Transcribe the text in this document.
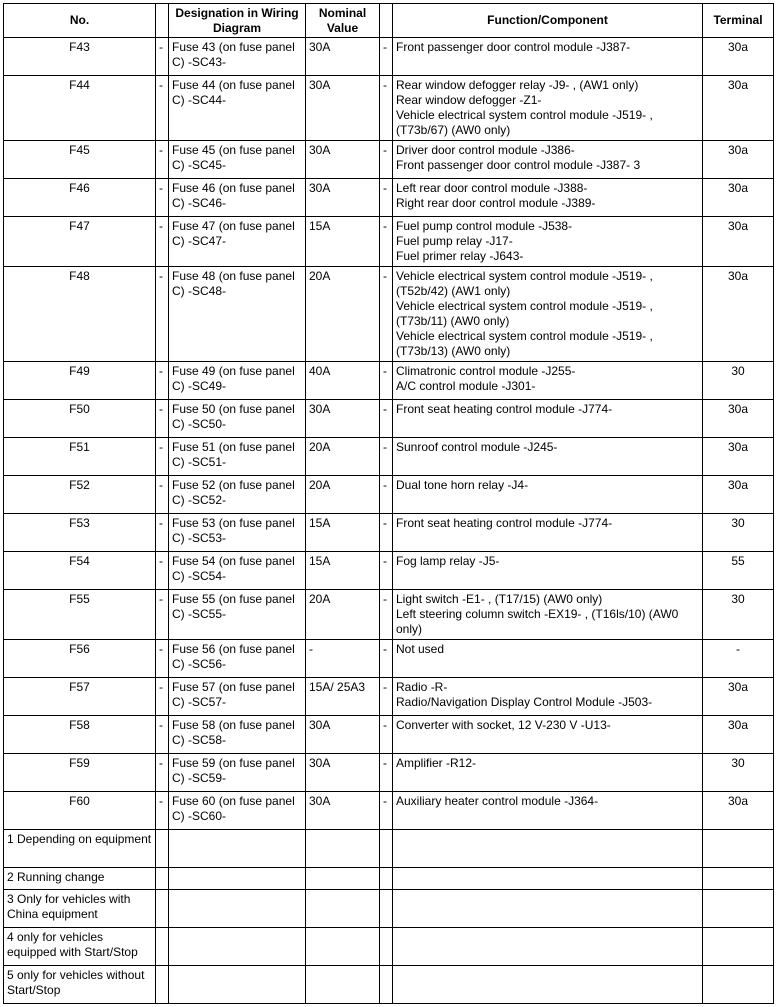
No.		Designation in Wiring Diagram	Nominal Value		Function/Component	Terminal
F43	-	Fuse 43 (on fuse panel C) -SC43-	30A	-	Front passenger door control module -J387-	30a
F44	-	Fuse 44 (on fuse panel C) -SC44-	30A	-	Rear window defogger relay -J9- , (AW1 only)
Rear window defogger -Z1-
Vehicle electrical system control module -J519- , (T73b/67) (AW0 only)	30a
F45	-	Fuse 45 (on fuse panel C) -SC45-	30A	-	Driver door control module -J386-
Front passenger door control module -J387- 3	30a
F46	-	Fuse 46 (on fuse panel C) -SC46-	30A	-	Left rear door control module -J388-
Right rear door control module -J389-	30a
F47	-	Fuse 47 (on fuse panel C) -SC47-	15A	-	Fuel pump control module -J538-
Fuel pump relay -J17-
Fuel primer relay -J643-	30a
F48	-	Fuse 48 (on fuse panel C) -SC48-	20A	-	Vehicle electrical system control module -J519- , (T52b/42) (AW1 only)
Vehicle electrical system control module -J519- , (T73b/11) (AW0 only)
Vehicle electrical system control module -J519- , (T73b/13) (AW0 only)	30a
F49	-	Fuse 49 (on fuse panel C) -SC49-	40A	-	Climatronic control module -J255-
A/C control module -J301-	30
F50	-	Fuse 50 (on fuse panel C) -SC50-	30A	-	Front seat heating control module -J774-	30a
F51	-	Fuse 51 (on fuse panel C) -SC51-	20A	-	Sunroof control module -J245-	30a
F52	-	Fuse 52 (on fuse panel C) -SC52-	20A	-	Dual tone horn relay -J4-	30a
F53	-	Fuse 53 (on fuse panel C) -SC53-	15A	-	Front seat heating control module -J774-	30
F54	-	Fuse 54 (on fuse panel C) -SC54-	15A	-	Fog lamp relay -J5-	55
F55	-	Fuse 55 (on fuse panel C) -SC55-	20A	-	Light switch -E1- , (T17/15) (AW0 only)
Left steering column switch -EX19- , (T16ls/10) (AW0 only)	30
F56	-	Fuse 56 (on fuse panel C) -SC56-	-	-	Not used	-
F57	-	Fuse 57 (on fuse panel C) -SC57-	15A/ 25A3	-	Radio -R-
Radio/Navigation Display Control Module -J503-	30a
F58	-	Fuse 58 (on fuse panel C) -SC58-	30A	-	Converter with socket, 12 V-230 V -U13-	30a
F59	-	Fuse 59 (on fuse panel C) -SC59-	30A	-	Amplifier -R12-	30
F60	-	Fuse 60 (on fuse panel C) -SC60-	30A	-	Auxiliary heater control module -J364-	30a
1 Depending on equipment						
2 Running change						
3 Only for vehicles with China equipment						
4 only for vehicles equipped with Start/Stop						
5 only for vehicles without Start/Stop						
